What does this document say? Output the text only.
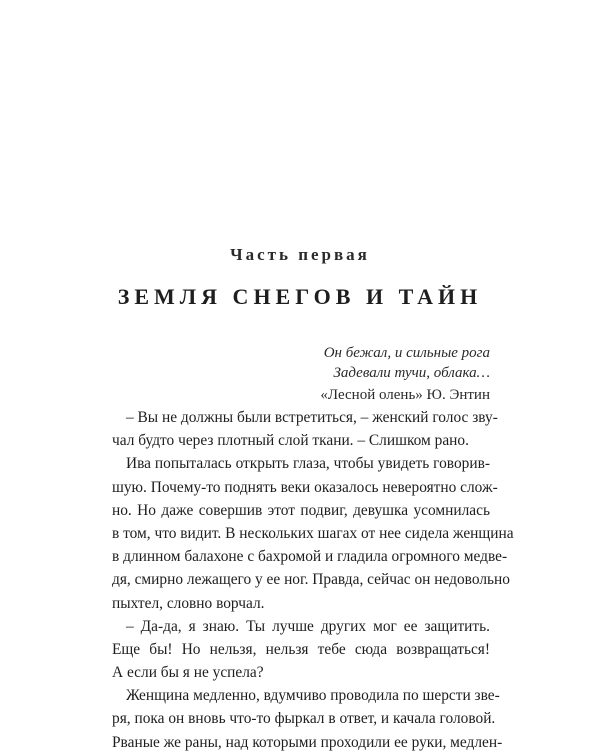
Часть первая
ЗЕМЛЯ СНЕГОВ И ТАЙН
Он бежал, и сильные рога
Задевали тучи, облака…
«Лесной олень» Ю. Энтин
– Вы не должны были встретиться, – женский голос зву-
чал будто через плотный слой ткани. – Слишком рано.
Ива попыталась открыть глаза, чтобы увидеть говорив-
шую. Почему-то поднять веки оказалось невероятно слож-
но. Но даже совершив этот подвиг, девушка усомнилась
в том, что видит. В нескольких шагах от нее сидела женщина
в длинном балахоне с бахромой и гладила огромного медве-
дя, смирно лежащего у ее ног. Правда, сейчас он недовольно
пыхтел, словно ворчал.
– Да-да, я знаю. Ты лучше других мог ее защитить.
Еще бы! Но нельзя, нельзя тебе сюда возвращаться!
А если бы я не успела?
Женщина медленно, вдумчиво проводила по шерсти зве-
ря, пока он вновь что-то фыркал в ответ, и качала головой.
Рваные же раны, над которыми проходили ее руки, медлен-
